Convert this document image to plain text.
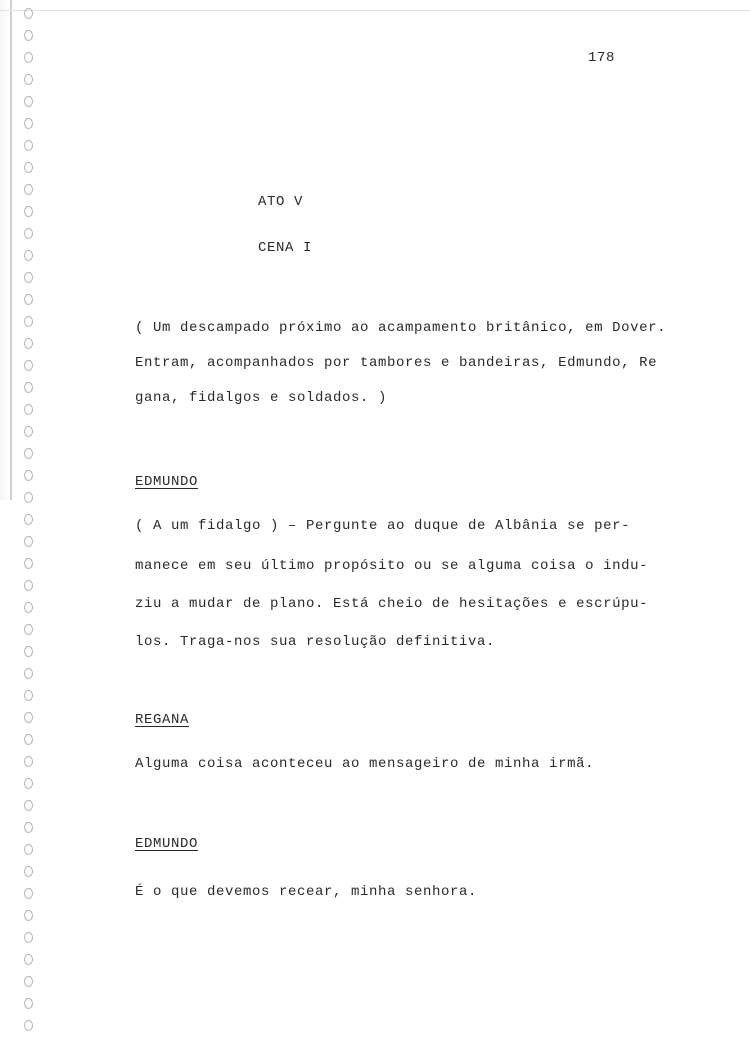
178
ATO V
CENA I
( Um descampado próximo ao acampamento britânico, em Dover.
Entram, acompanhados por tambores e bandeiras, Edmundo, Re
gana, fidalgos e soldados. )
EDMUNDO
( A um fidalgo ) – Pergunte ao duque de Albânia se per-
manece em seu último propósito ou se alguma coisa o indu-
ziu a mudar de plano. Está cheio de hesitações e escrúpu-
los. Traga-nos sua resolução definitiva.
REGANA
Alguma coisa aconteceu ao mensageiro de minha irmã.
EDMUNDO
É o que devemos recear, minha senhora.
